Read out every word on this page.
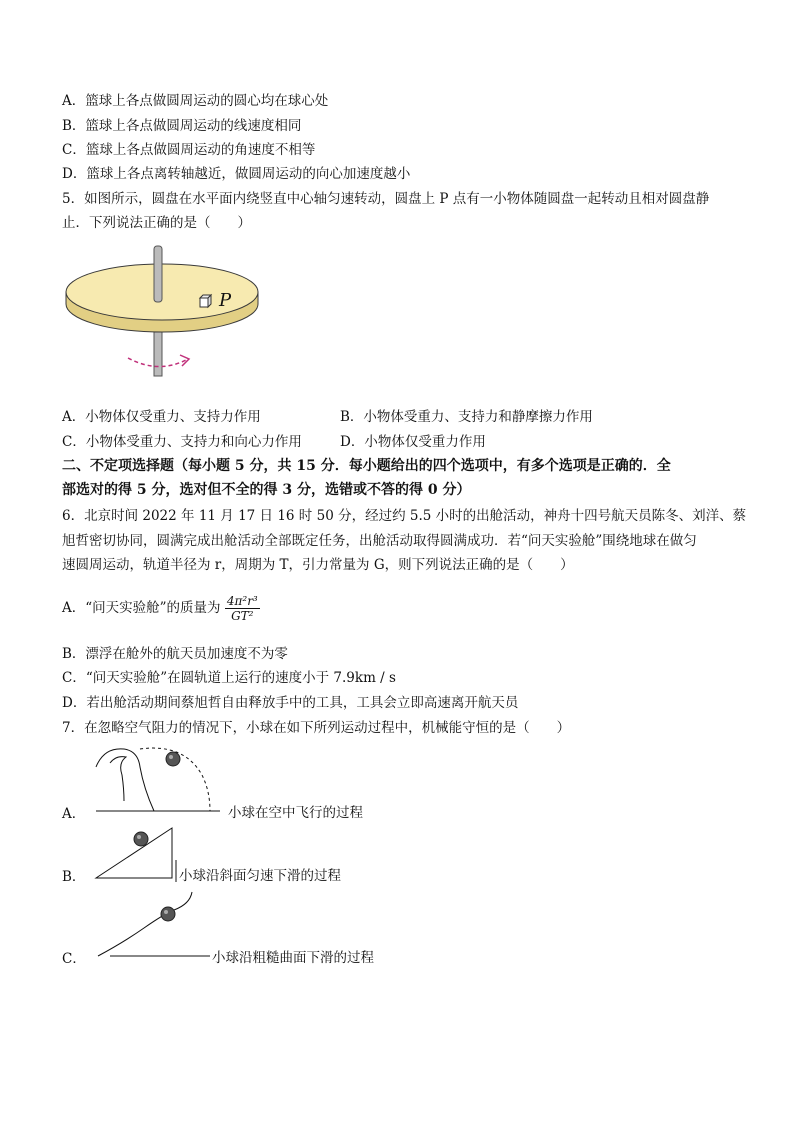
A．篮球上各点做圆周运动的圆心均在球心处
B．篮球上各点做圆周运动的线速度相同
C．篮球上各点做圆周运动的角速度不相等
D．篮球上各点离转轴越近，做圆周运动的向心加速度越小
5．如图所示，圆盘在水平面内绕竖直中心轴匀速转动，圆盘上 P 点有一小物体随圆盘一起转动且相对圆盘静
止．下列说法正确的是（　　）
P
A．小物体仅受重力、支持力作用	B．小物体受重力、支持力和静摩擦力作用
C．小物体受重力、支持力和向心力作用	D．小物体仅受重力作用
二、不定项选择题（每小题 5 分，共 15 分．每小题给出的四个选项中，有多个选项是正确的．全
部选对的得 5 分，选对但不全的得 3 分，选错或不答的得 0 分）
6．北京时间 2022 年 11 月 17 日 16 时 50 分，经过约 5.5 小时的出舱活动，神舟十四号航天员陈冬、刘洋、蔡
旭哲密切协同，圆满完成出舱活动全部既定任务，出舱活动取得圆满成功．若“问天实验舱”围绕地球在做匀
速圆周运动，轨道半径为 r，周期为 T，引力常量为 G，则下列说法正确的是（　　）
A．“问天实验舱”的质量为 $\frac{\text{4π²r³}}{\text{GT²}}$
B．漂浮在舱外的航天员加速度不为零
C．“问天实验舱”在圆轨道上运行的速度小于 7.9km / s
D．若出舱活动期间蔡旭哲自由释放手中的工具，工具会立即高速离开航天员
7．在忽略空气阻力的情况下，小球在如下所列运动过程中，机械能守恒的是（　　）
A．	小球在空中飞行的过程
B．	小球沿斜面匀速下滑的过程
C．	小球沿粗糙曲面下滑的过程
